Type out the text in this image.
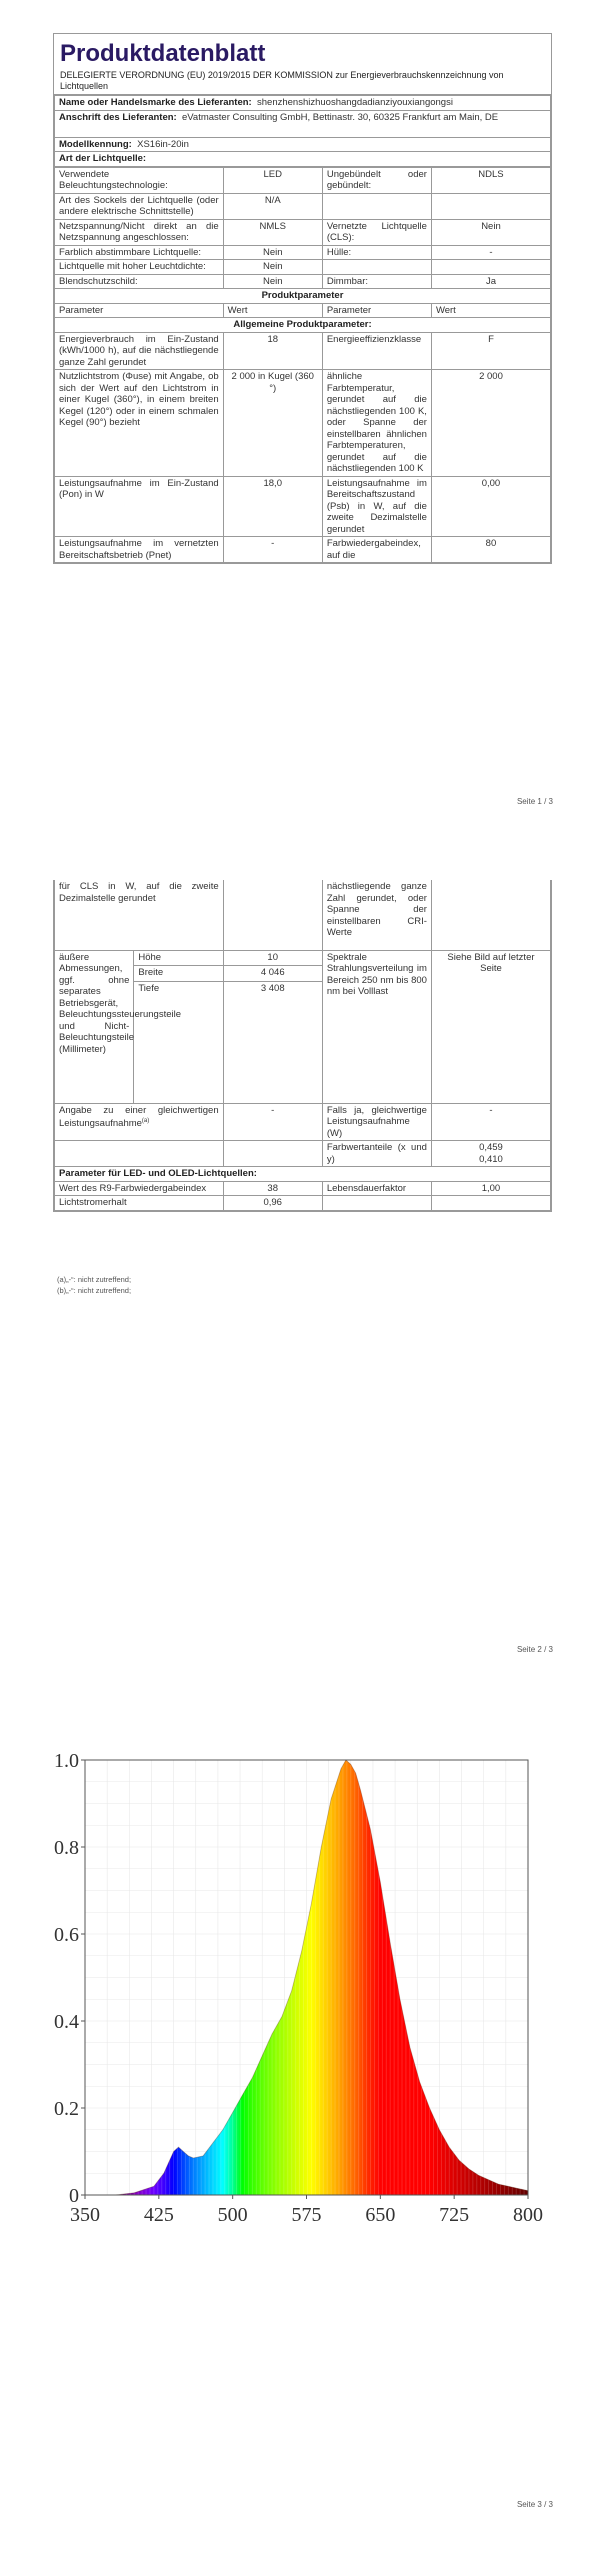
Produktdatenblatt
DELEGIERTE VERORDNUNG (EU) 2019/2015 DER KOMMISSION zur Energieverbrauchskennzeichnung von Lichtquellen
Name oder Handelsmarke des Lieferanten: shenzhenshizhuoshangdadianziyouxiangongsi
Anschrift des Lieferanten: eVatmaster Consulting GmbH, Bettinastr. 30, 60325 Frankfurt am Main, DE
Modellkennung: XS16in-20in
Art der Lichtquelle:
Verwendete Beleuchtungstechnologie:	LED	Ungebündelt oder gebündelt:	NDLS
Art des Sockels der Lichtquelle (oder andere elektrische Schnittstelle)	N/A		
Netzspannung/Nicht direkt an die Netzspannung angeschlossen:	NMLS	Vernetzte Lichtquelle (CLS):	Nein
Farblich abstimmbare Lichtquelle:	Nein	Hülle:	-
Lichtquelle mit hoher Leuchtdichte:	Nein		
Blendschutzschild:	Nein	Dimmbar:	Ja
Produktparameter			
Parameter	Wert	Parameter	Wert
Allgemeine Produktparameter:			
Energieverbrauch im Ein-Zustand (kWh/1000 h), auf die nächstliegende ganze Zahl gerundet	18	Energieeffizienzklasse	F
Nutzlichtstrom (Φuse) mit Angabe, ob sich der Wert auf den Lichtstrom in einer Kugel (360°), in einem breiten Kegel (120°) oder in einem schmalen Kegel (90°) bezieht	2 000 in Kugel (360 °)	ähnliche Farbtemperatur, gerundet auf die nächstliegenden 100 K, oder Spanne der einstellbaren ähnlichen Farbtemperaturen, gerundet auf die nächstliegenden 100 K	2 000
Leistungsaufnahme im Ein-Zustand (Pon) in W	18,0	Leistungsaufnahme im Bereitschaftszustand (Psb) in W, auf die zweite Dezimalstelle gerundet	0,00
Leistungsaufnahme im vernetzten Bereitschaftsbetrieb (Pnet)	-	Farbwiedergabeindex, auf die	80
Seite 1 / 3
für CLS in W, auf die zweite Dezimalstelle gerundet			nächstliegende ganze Zahl gerundet, oder Spanne der einstellbaren CRI-Werte	
äußere Abmessungen, ggf. ohne separates Betriebsgerät, Beleuchtungssteuerungsteile und Nicht-Beleuchtungsteile (Millimeter)	Höhe	10	Spektrale Strahlungsverteilung im Bereich 250 nm bis 800 nm bei Volllast	Siehe Bild auf letzter Seite
	Breite	4 046		
	Tiefe	3 408		
Angabe zu einer gleichwertigen Leistungsaufnahme$^{(a)}$		-	Falls ja, gleichwertige Leistungsaufnahme (W)	-
			Farbwertanteile (x und y)	0,459
0,410

Parameter für LED- und OLED-Lichtquellen:				
Wert des R9-Farbwiedergabeindex		38	Lebensdauerfaktor	1,00
Lichtstromerhalt		0,96		
(a)„-“: nicht zutreffend;
(b)„-“: nicht zutreffend;
Seite 2 / 3
350 425 500 575 650 725 800
0
0.2
0.4
0.6
0.8
1.0
Seite 3 / 3
